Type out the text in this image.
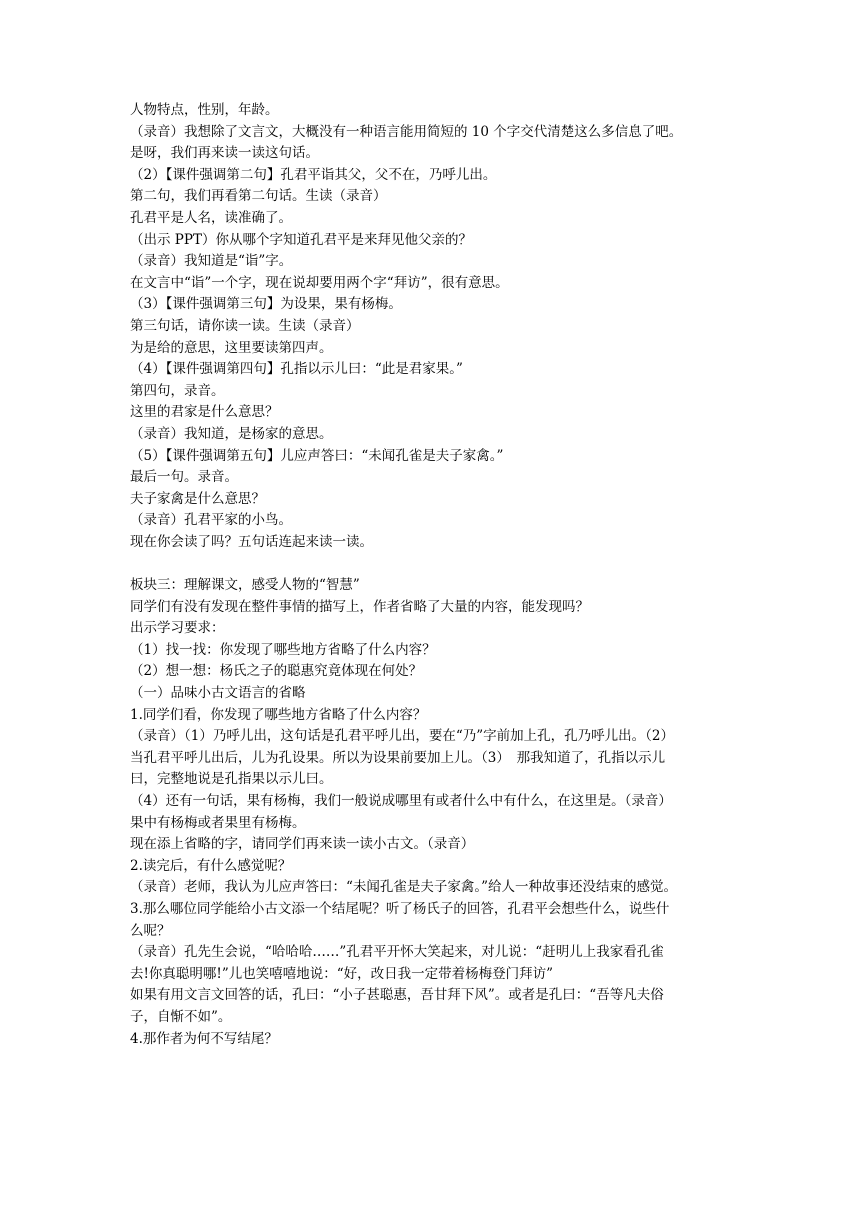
人物特点，性别，年龄。

（录音）我想除了文言文，大概没有一种语言能用简短的 10 个字交代清楚这么多信息了吧。

是呀，我们再来读一读这句话。

（2）【课件强调第二句】孔君平诣其父，父不在，乃呼儿出。

第二句，我们再看第二句话。生读（录音）

孔君平是人名，读准确了。

（出示 PPT）你从哪个字知道孔君平是来拜见他父亲的？

（录音）我知道是“诣”字。

在文言中“诣”一个字，现在说却要用两个字“拜访”，很有意思。

（3）【课件强调第三句】为设果，果有杨梅。

第三句话，请你读一读。生读（录音）

为是给的意思，这里要读第四声。

（4）【课件强调第四句】孔指以示儿曰：“此是君家果。”

第四句，录音。

这里的君家是什么意思？

（录音）我知道，是杨家的意思。

（5）【课件强调第五句】儿应声答曰：“未闻孔雀是夫子家禽。”

最后一句。录音。

夫子家禽是什么意思？

（录音）孔君平家的小鸟。

现在你会读了吗？五句话连起来读一读。

板块三：理解课文，感受人物的“智慧”

同学们有没有发现在整件事情的描写上，作者省略了大量的内容，能发现吗？

出示学习要求：

（1）找一找：你发现了哪些地方省略了什么内容？

（2）想一想：杨氏之子的聪惠究竟体现在何处？

（一）品味小古文语言的省略

1.同学们看，你发现了哪些地方省略了什么内容？

（录音）（1）乃呼儿出，这句话是孔君平呼儿出，要在“乃”字前加上孔，孔乃呼儿出。（2）

当孔君平呼儿出后，儿为孔设果。所以为设果前要加上儿。（3）　那我知道了，孔指以示儿

曰，完整地说是孔指果以示儿曰。

（4）还有一句话，果有杨梅，我们一般说成哪里有或者什么中有什么，在这里是。（录音）

果中有杨梅或者果里有杨梅。

现在添上省略的字，请同学们再来读一读小古文。（录音）

2.读完后，有什么感觉呢？

（录音）老师，我认为儿应声答曰：“未闻孔雀是夫子家禽。”给人一种故事还没结束的感觉。

3.那么哪位同学能给小古文添一个结尾呢？听了杨氏子的回答，孔君平会想些什么，说些什

么呢？

（录音）孔先生会说，“哈哈哈……”孔君平开怀大笑起来，对儿说：“赶明儿上我家看孔雀

去!你真聪明哪!”儿也笑嘻嘻地说：“好，改日我一定带着杨梅登门拜访”

如果有用文言文回答的话，孔曰：“小子甚聪惠，吾甘拜下风”。或者是孔曰：“吾等凡夫俗

子，自惭不如”。

4.那作者为何不写结尾？
